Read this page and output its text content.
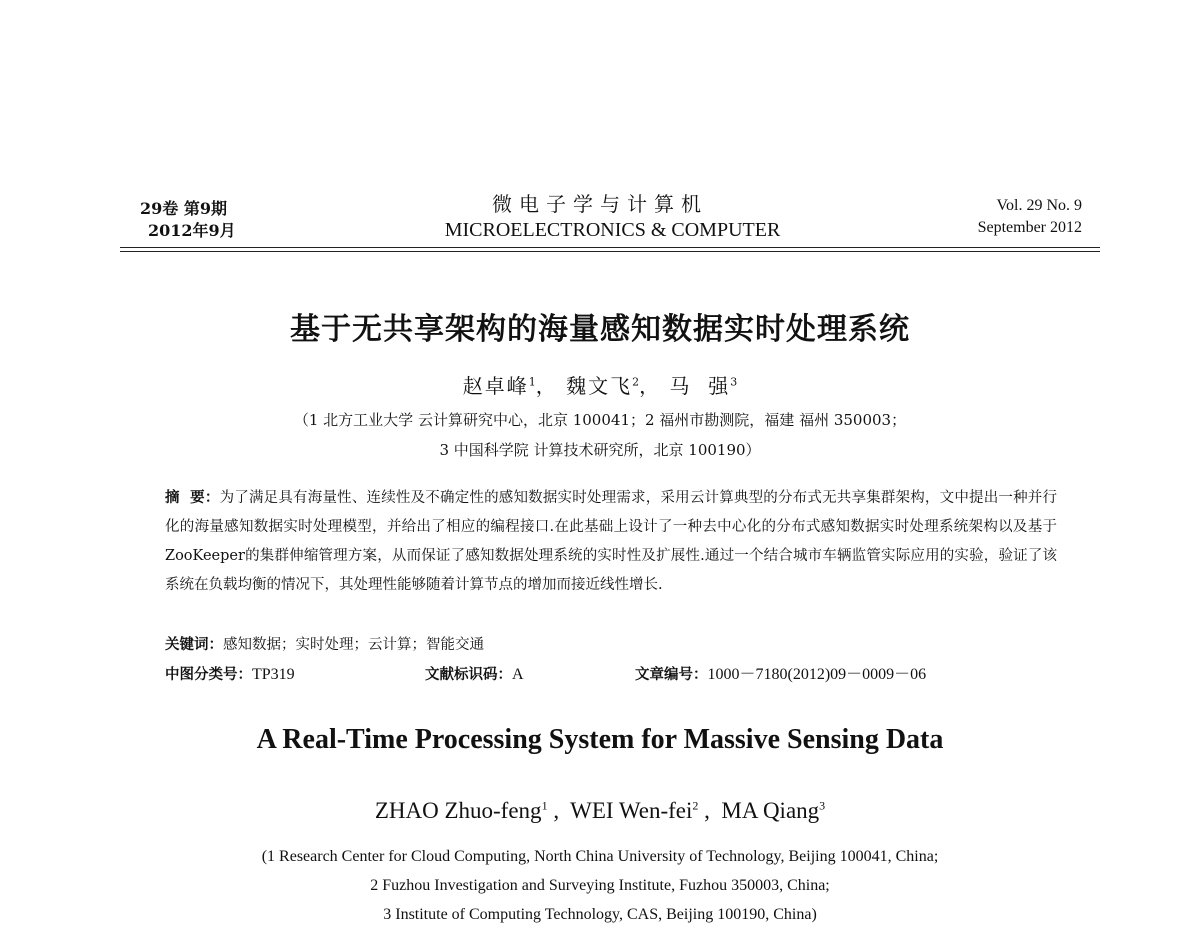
29卷 第9期
2012年9月
微电子学与计算机
MICROELECTRONICS & COMPUTER
Vol. 29 No. 9
September 2012
基于无共享架构的海量感知数据实时处理系统
赵卓峰$^1$， 魏文飞$^2$， 马  强$^3$
（1 北方工业大学 云计算研究中心，北京 100041；2 福州市勘测院，福建 福州 350003；
3 中国科学院 计算技术研究所，北京 100190）
摘  要：为了满足具有海量性、连续性及不确定性的感知数据实时处理需求，采用云计算典型的分布式无共享集群架构，文中提出一种并行化的海量感知数据实时处理模型，并给出了相应的编程接口.在此基础上设计了一种去中心化的分布式感知数据实时处理系统架构以及基于ZooKeeper的集群伸缩管理方案，从而保证了感知数据处理系统的实时性及扩展性.通过一个结合城市车辆监管实际应用的实验，验证了该系统在负载均衡的情况下，其处理性能够随着计算节点的增加而接近线性增长.
关键词：感知数据；实时处理；云计算；智能交通
中图分类号：TP319	文献标识码：A	文章编号：1000－7180(2012)09－0009－06
A Real-Time Processing System for Massive Sensing Data
ZHAO Zhuo-feng$^1$ ,  WEI Wen-fei$^2$ ,  MA Qiang$^3$
(1 Research Center for Cloud Computing, North China University of Technology, Beijing 100041, China;
2 Fuzhou Investigation and Surveying Institute, Fuzhou 350003, China;
3 Institute of Computing Technology, CAS, Beijing 100190, China)
